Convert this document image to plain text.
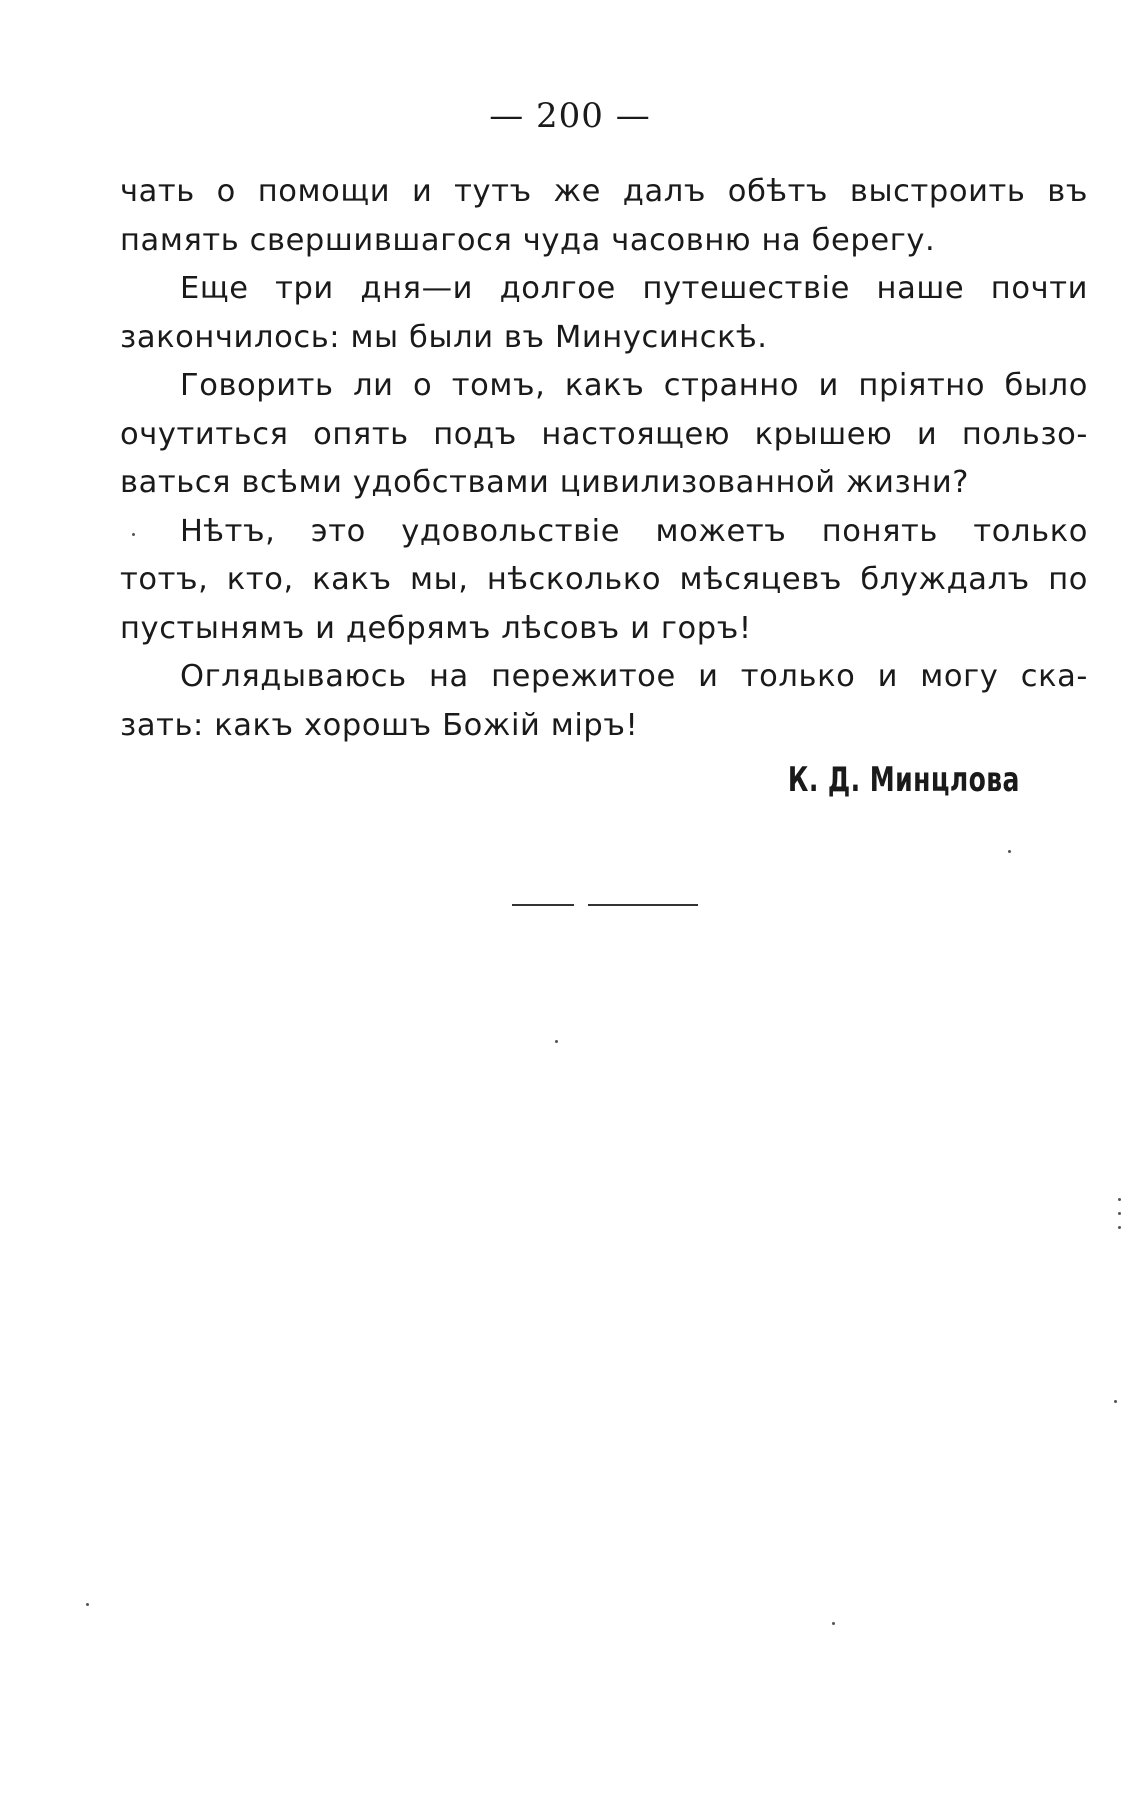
— 200 —
чать о помощи и тутъ же далъ обѣтъ выстроить въ
память свершившагося чуда часовню на берегу.
Еще три дня—и долгое путешествіе наше почти
закончилось: мы были въ Минусинскѣ.
Говорить ли о томъ, какъ странно и пріятно было
очутиться опять подъ настоящею крышею и пользо-
ваться всѣми удобствами цивилизованной жизни?
Нѣтъ, это удовольствіе можетъ понять только
тотъ, кто, какъ мы, нѣсколько мѣсяцевъ блуждалъ по
пустынямъ и дебрямъ лѣсовъ и горъ!
Оглядываюсь на пережитое и только и могу ска-
зать: какъ хорошъ Божій міръ!
К. Д. Минцлова
